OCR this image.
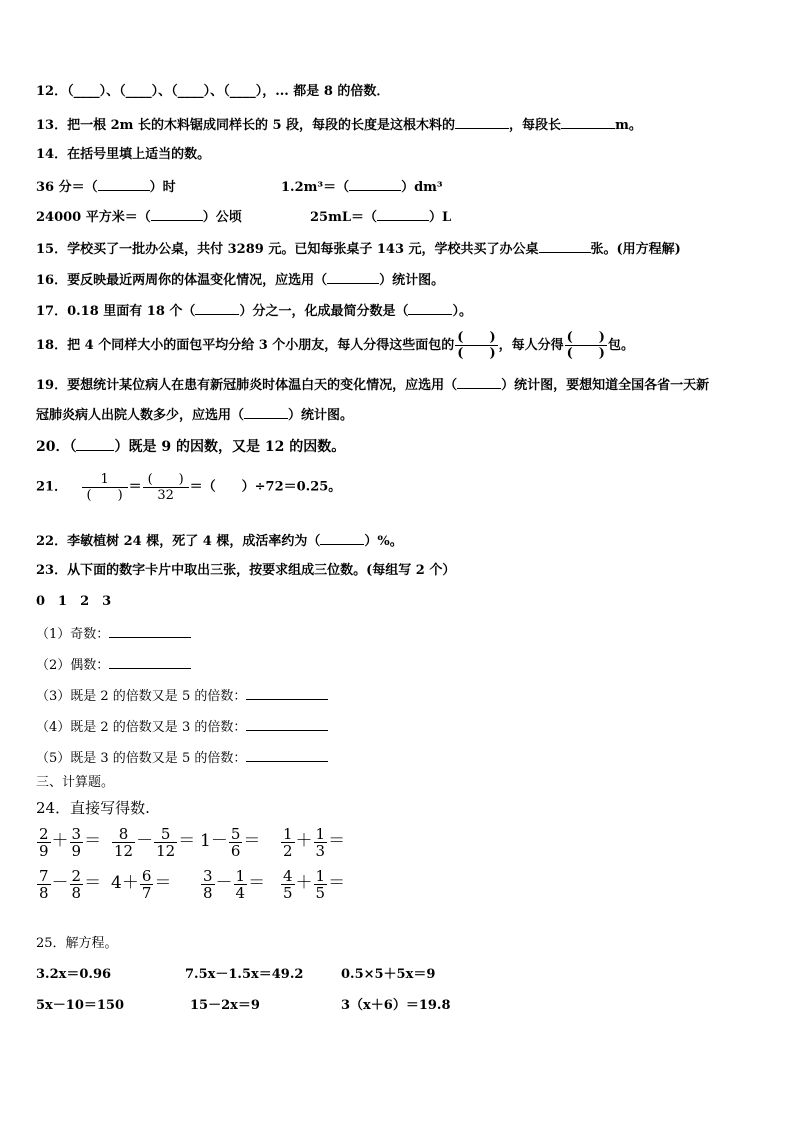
12．（____）、（____）、（____）、（____），... 都是 8 的倍数．
13．把一根 2m 长的木料锯成同样长的 5 段，每段的长度是这根木料的	，每段长	m。
14．在括号里填上适当的数。
36 分＝（	）时	1.2m³＝（	）dm³
24000 平方米＝（	）公顷	25mL＝（	）L
15．学校买了一批办公桌，共付 3289 元。已知每张桌子 143 元，学校共买了办公桌	张。(用方程解)
16．要反映最近两周你的体温变化情况，应选用（	）统计图。
17．0.18 里面有 18 个（	）分之一，化成最简分数是（	）。
18．把 4 个同样大小的面包平均分给 3 个小朋友，每人分得这些面包的 $\frac{( )}{( )}$ ，每人分得 $\frac{( )}{( )}$ 包。
19．要想统计某位病人在患有新冠肺炎时体温白天的变化情况，应选用（	）统计图，要想知道全国各省一天新
冠肺炎病人出院人数多少，应选用（	）统计图。
20．（	）既是 9 的因数，又是 12 的因数。
21． $\frac{1}{( )} = \frac{( )}{32}$ ＝（　　）÷72＝0.25。
22．李敏植树 24 棵，死了 4 棵，成活率约为（	）%。
23．从下面的数字卡片中取出三张，按要求组成三位数。(每组写 2 个）
0　1　2　3
（1）奇数：
（2）偶数：
（3）既是 2 的倍数又是 5 的倍数：
（4）既是 2 的倍数又是 3 的倍数：
（5）既是 3 的倍数又是 5 的倍数：
三、计算题。
24．直接写得数.
$\frac{2}{9} + \frac{3}{9} = \frac{8}{12} - \frac{5}{12} = 1- \frac{5}{6} = \frac{1}{2} + \frac{1}{3}$ ＝
$\frac{7}{8} - \frac{2}{8} = 4+ \frac{6}{7} = \frac{3}{8} - \frac{1}{4} = \frac{4}{5} + \frac{1}{5}$ ＝
25．解方程。
3.2x＝0.96	7.5x－1.5x＝49.2	0.5×5＋5x＝9
5x－10＝150	15－2x＝9	3（x＋6）＝19.8
